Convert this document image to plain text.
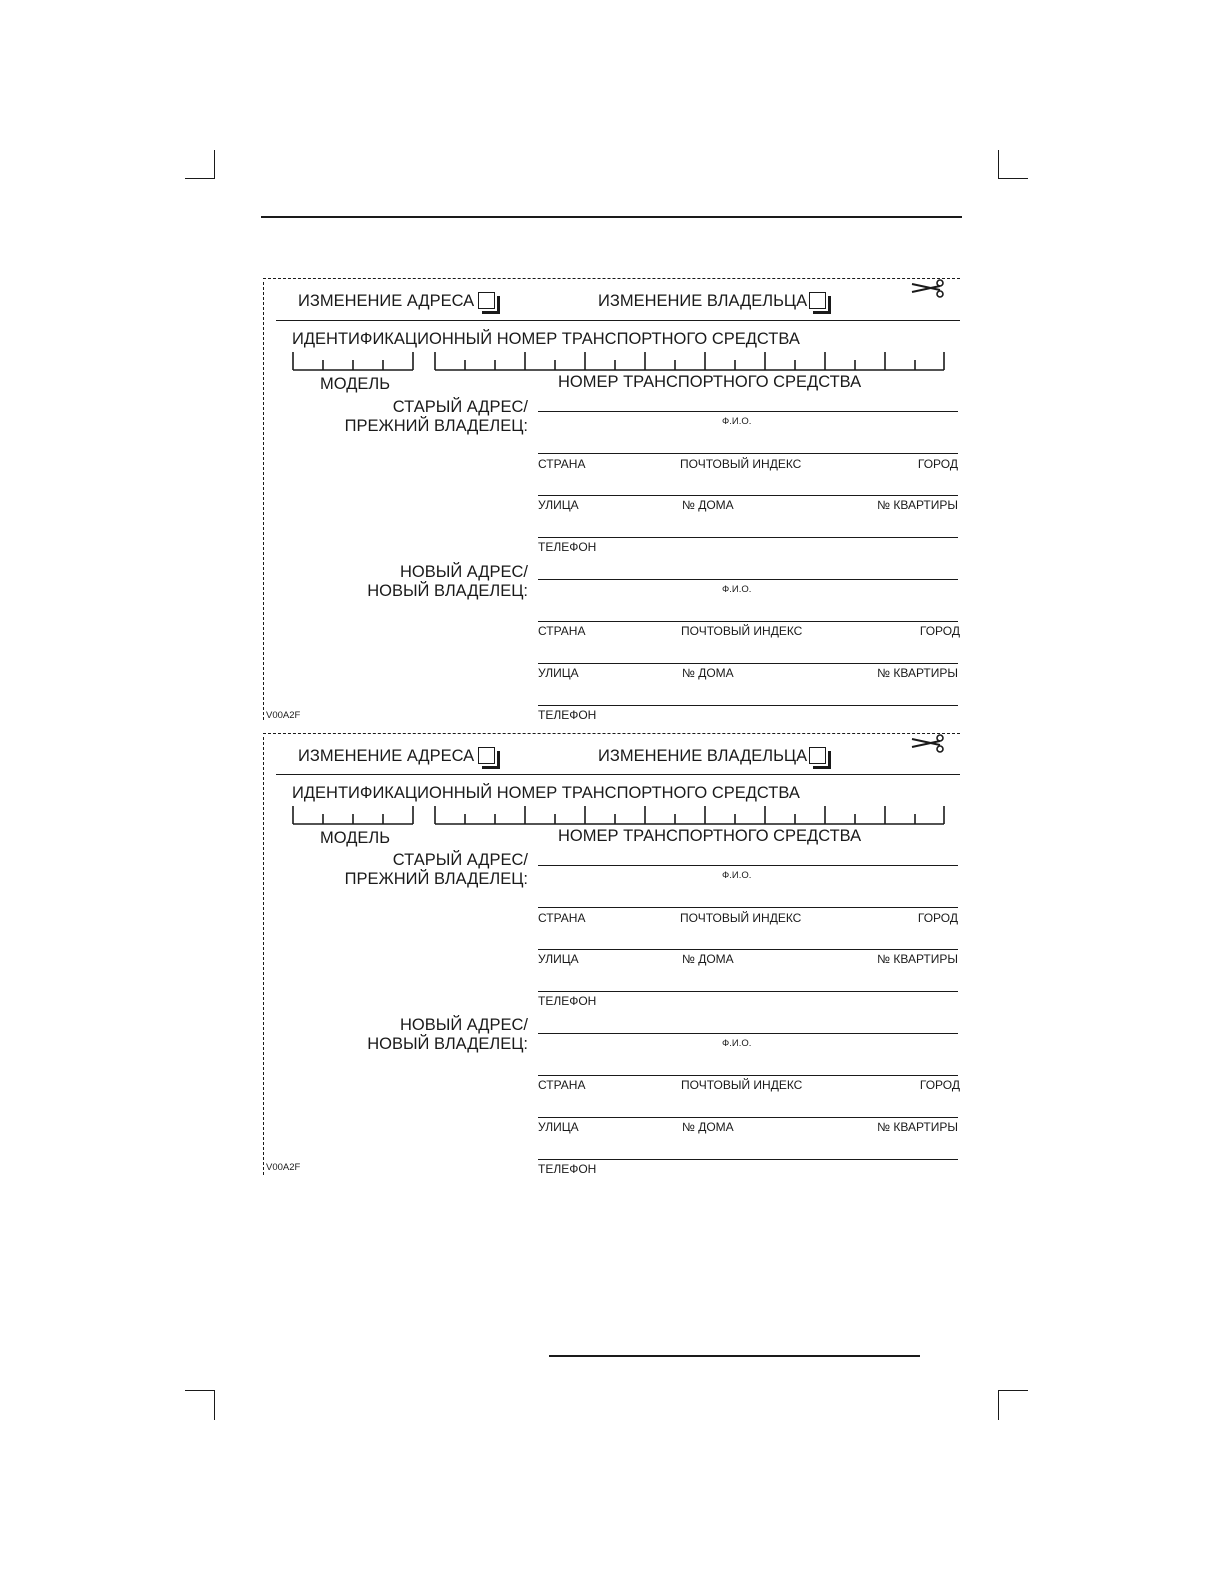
ИЗМЕНЕНИЕ АДРЕСА	ИЗМЕНЕНИЕ ВЛАДЕЛЬЦА
ИДЕНТИФИКАЦИОННЫЙ НОМЕР ТРАНСПОРТНОГО СРЕДСТВА
МОДЕЛЬ	НОМЕР ТРАНСПОРТНОГО СРЕДСТВА
СТАРЫЙ АДРЕС/
ПРЕЖНИЙ ВЛАДЕЛЕЦ:	Ф.И.О.
СТРАНА	ПОЧТОВЫЙ ИНДЕКС	ГОРОД
УЛИЦА	№ ДОМА	№ КВАРТИРЫ
ТЕЛЕФОН
НОВЫЙ АДРЕС/
НОВЫЙ ВЛАДЕЛЕЦ:	Ф.И.О.
СТРАНА	ПОЧТОВЫЙ ИНДЕКС	ГОРОД
УЛИЦА	№ ДОМА	№ КВАРТИРЫ
ТЕЛЕФОН
V00A2F
ИЗМЕНЕНИЕ АДРЕСА	ИЗМЕНЕНИЕ ВЛАДЕЛЬЦА
ИДЕНТИФИКАЦИОННЫЙ НОМЕР ТРАНСПОРТНОГО СРЕДСТВА
МОДЕЛЬ	НОМЕР ТРАНСПОРТНОГО СРЕДСТВА
СТАРЫЙ АДРЕС/
ПРЕЖНИЙ ВЛАДЕЛЕЦ:	Ф.И.О.
СТРАНА	ПОЧТОВЫЙ ИНДЕКС	ГОРОД
УЛИЦА	№ ДОМА	№ КВАРТИРЫ
ТЕЛЕФОН
НОВЫЙ АДРЕС/
НОВЫЙ ВЛАДЕЛЕЦ:	Ф.И.О.
СТРАНА	ПОЧТОВЫЙ ИНДЕКС	ГОРОД
УЛИЦА	№ ДОМА	№ КВАРТИРЫ
ТЕЛЕФОН
V00A2F
